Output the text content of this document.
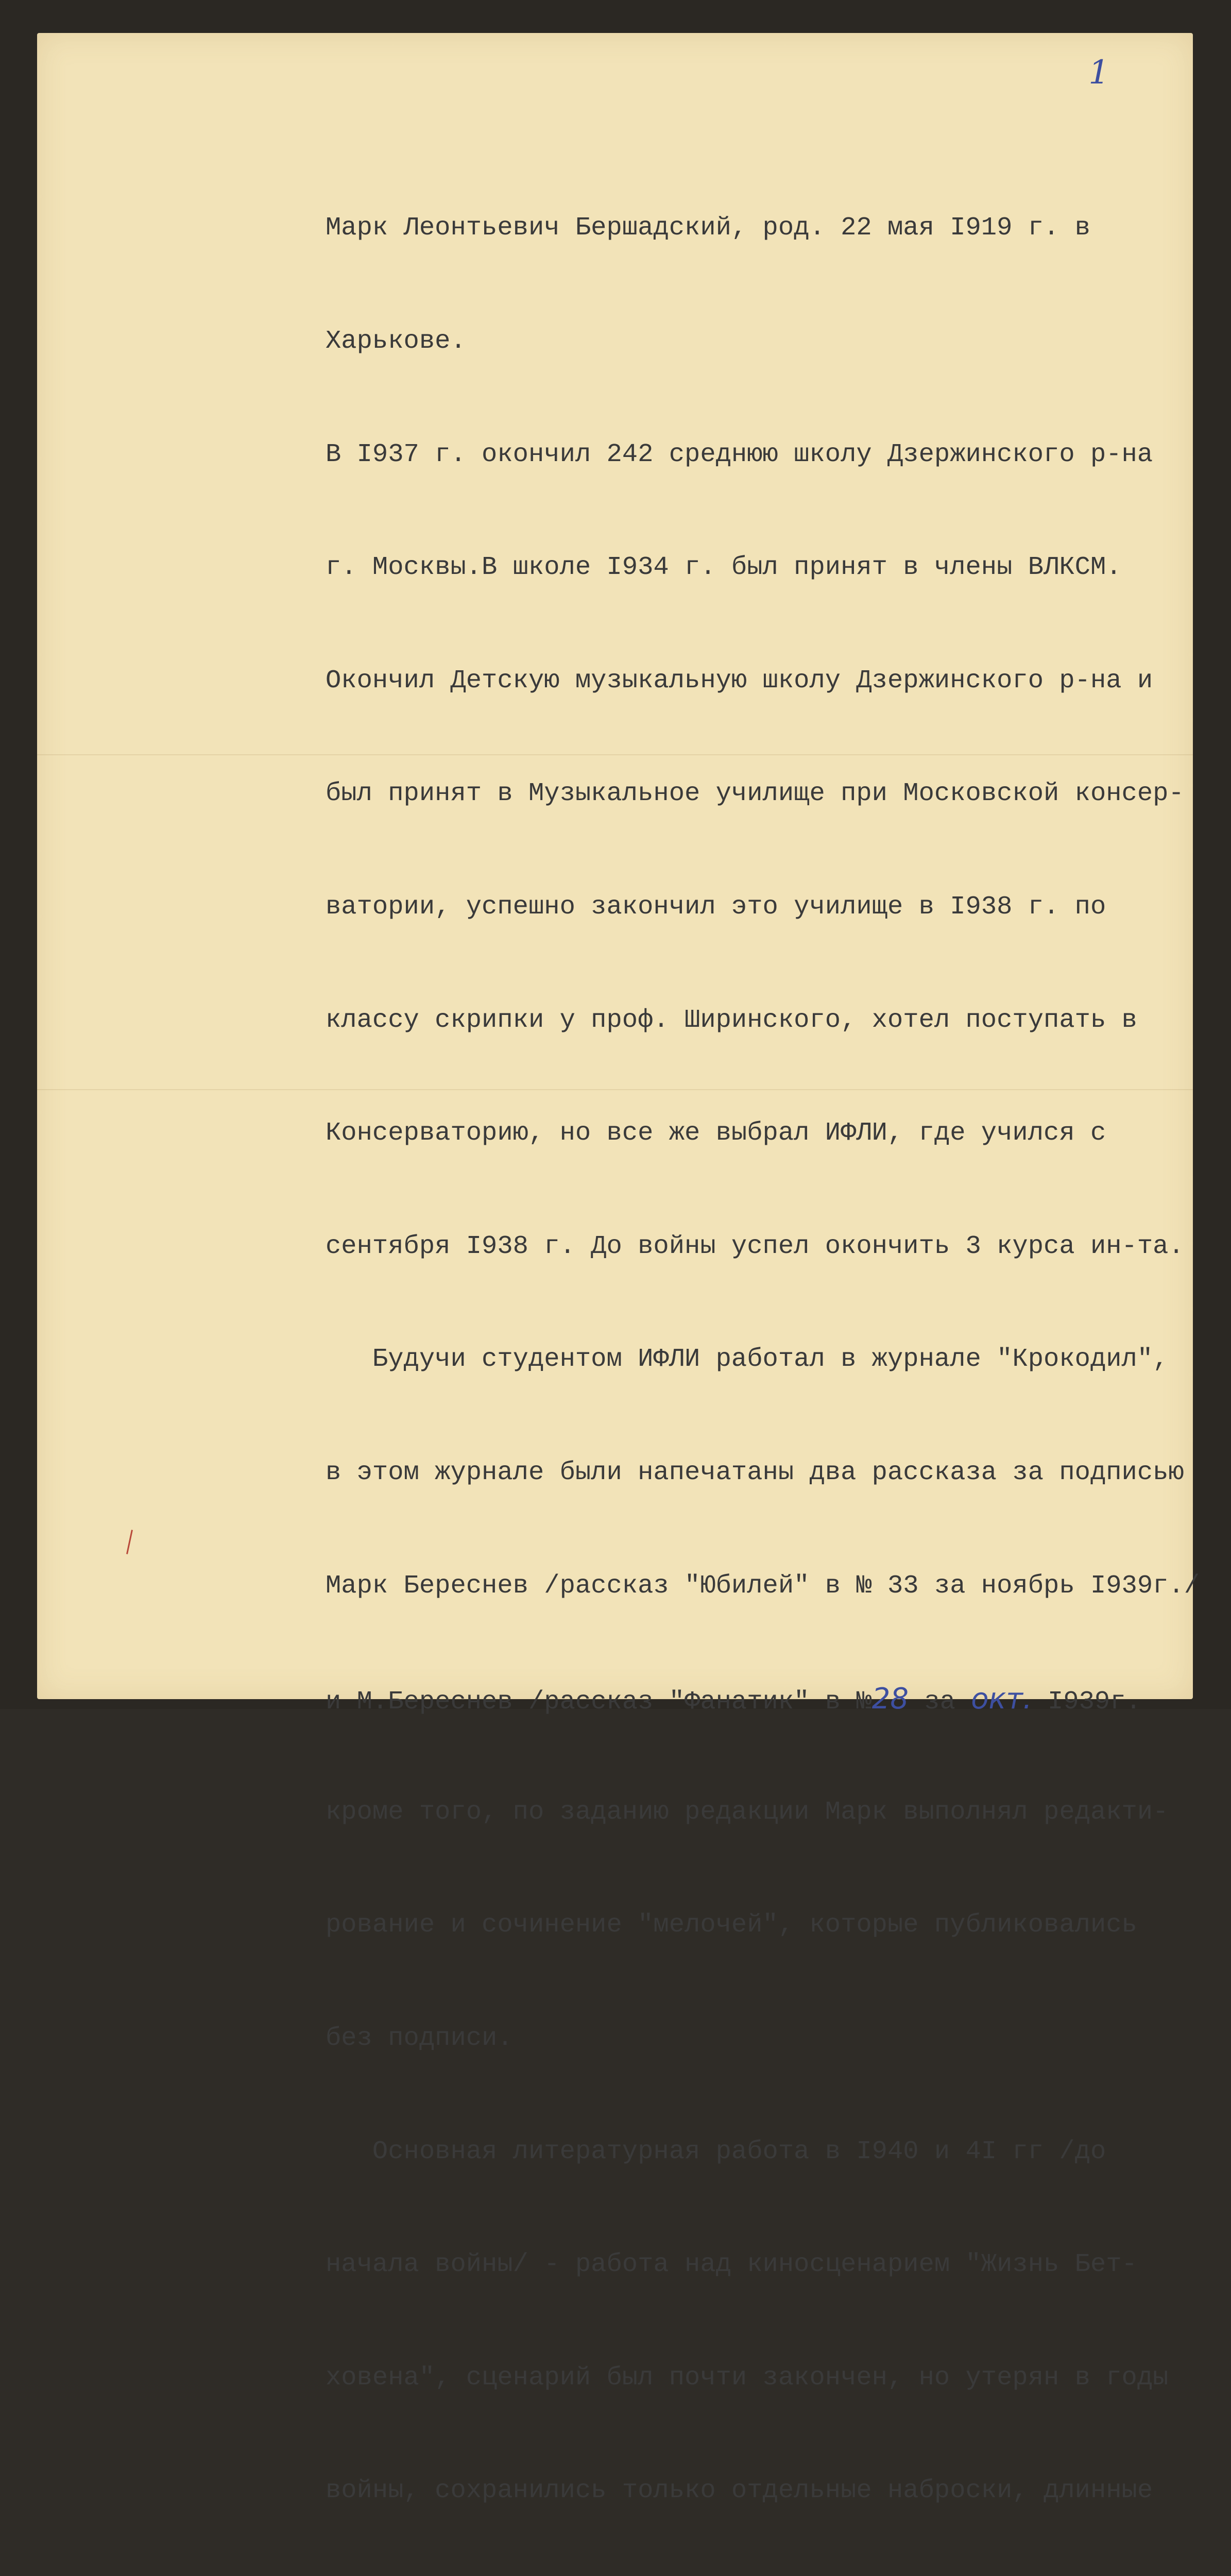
1

Марк Леонтьевич Бершадский, род. 22 мая I919 г. в

Харькове.

В I937 г. окончил 242 среднюю школу Дзержинского р-на

г. Москвы.В школе I934 г. был принят в члены ВЛКСМ.

Окончил Детскую музыкальную школу Дзержинского р-на и

был принят в Музыкальное училище при Московской консер-

ватории, успешно закончил это училище в I938 г. по

классу скрипки у проф. Ширинского, хотел поступать в

Консерваторию, но все же выбрал ИФЛИ, где учился с

сентября I938 г. До войны успел окончить 3 курса ин-та.

Будучи студентом ИФЛИ работал в журнале "Крокодил",

в этом журнале были напечатаны два рассказа за подписью

Марк Береснев /рассказ "Юбилей" в № 33 за ноябрь I939г./

и М.Береснев /рассказ "Фанатик" в №28 за окт. I939г.

кроме того, по заданию редакции Марк выполнял редакти-

рование и сочинение "мелочей", которые публиковались

без подписи.

Основная литературная работа в I940 и 4I гг /до

начала войны/ - работа над киносценарием "Жизнь Бет-

ховена", сценарий был почти закончен, но утерян в годы

войны, сохранились только отдельные наброски, длинные
